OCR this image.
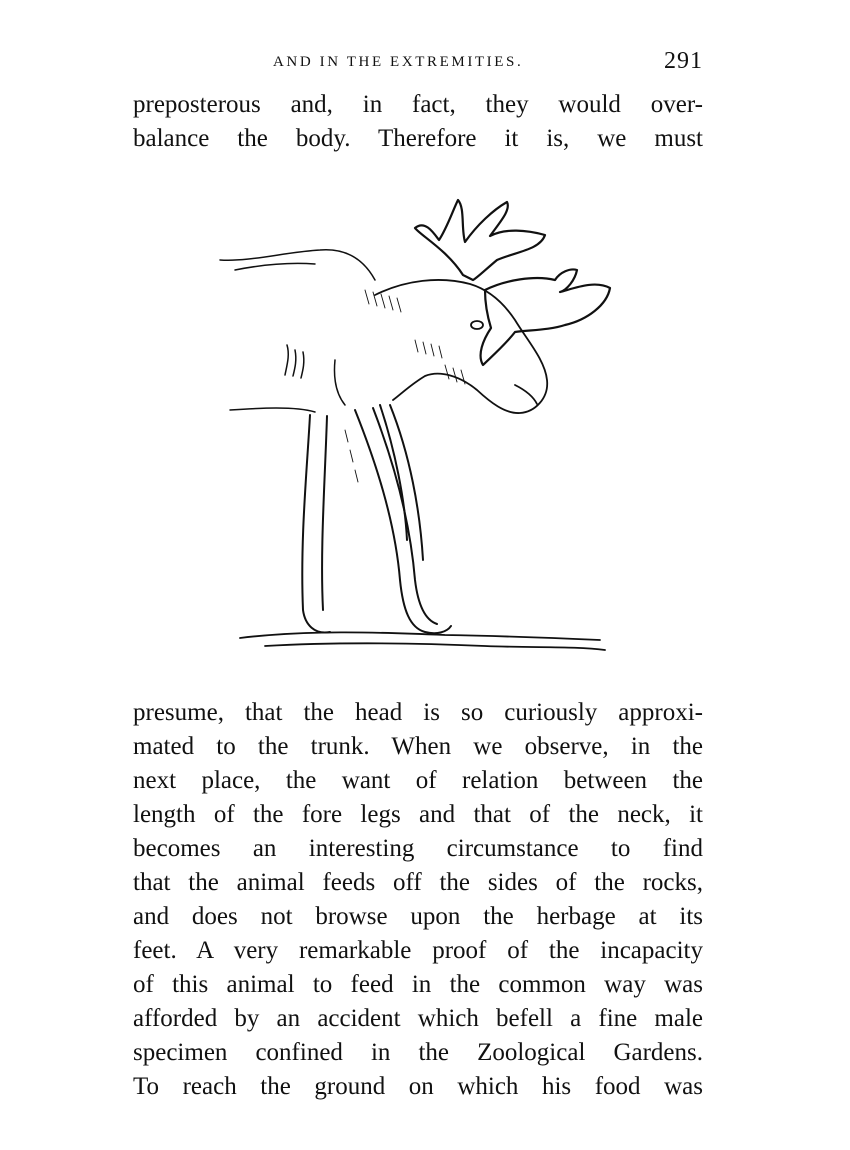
AND IN THE EXTREMITIES.	291
preposterous and, in fact, they would over-
balance the body. Therefore it is, we must
presume, that the head is so curiously approxi-
mated to the trunk. When we observe, in the
next place, the want of relation between the
length of the fore legs and that of the neck, it
becomes an interesting circumstance to find
that the animal feeds off the sides of the rocks,
and does not browse upon the herbage at its
feet. A very remarkable proof of the incapacity
of this animal to feed in the common way was
afforded by an accident which befell a fine male
specimen confined in the Zoological Gardens.
To reach the ground on which his food was
